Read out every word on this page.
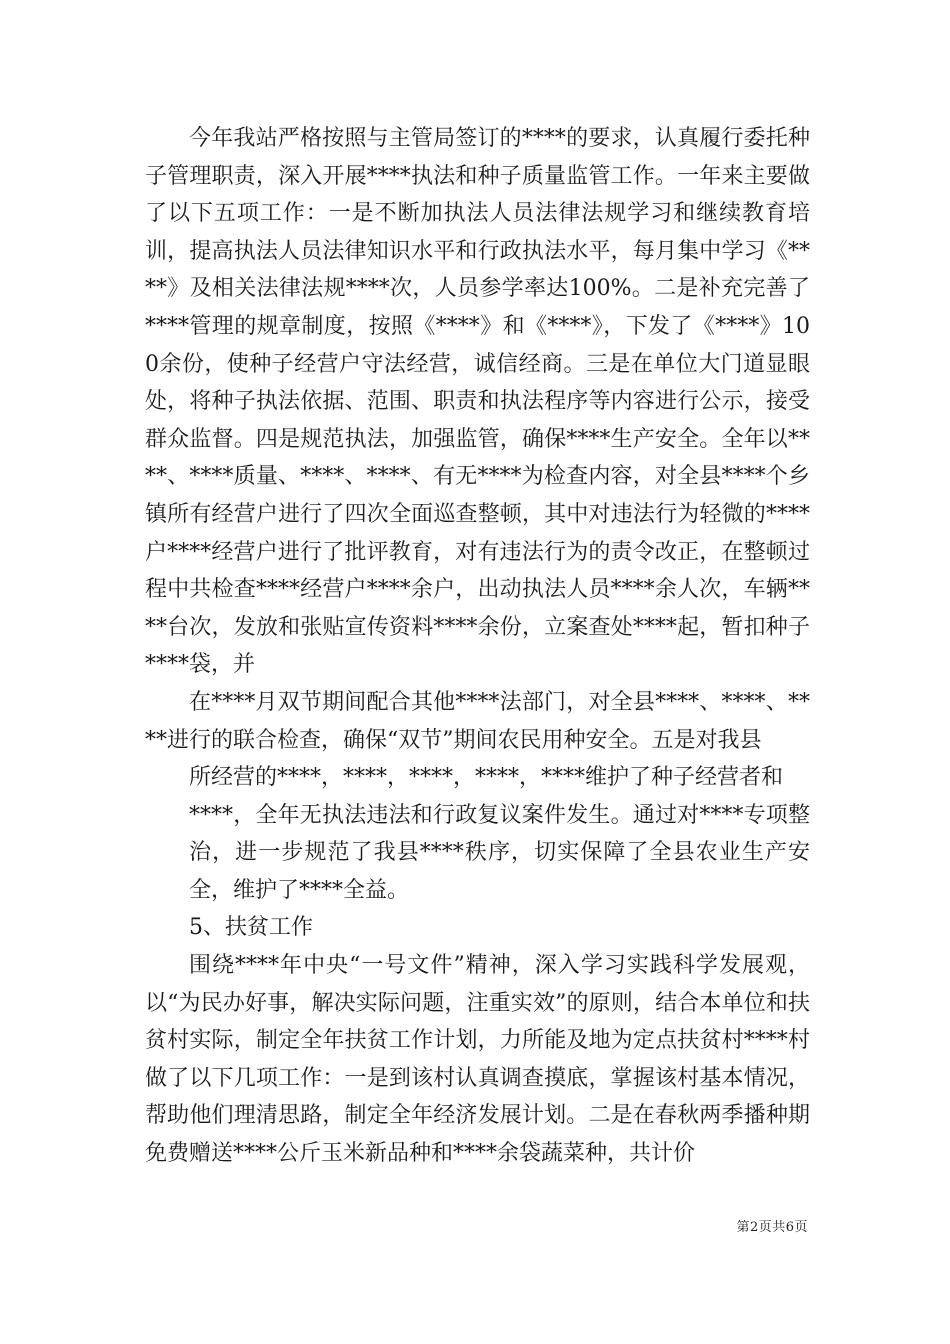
今年我站严格按照与主管局签订的****的要求，认真履行委托种子管理职责，深入开展****执法和种子质量监管工作。一年来主要做了以下五项工作：一是不断加执法人员法律法规学习和继续教育培训，提高执法人员法律知识水平和行政执法水平，每月集中学习《****》及相关法律法规****次，人员参学率达100%。二是补充完善了****管理的规章制度，按照《****》和《****》，下发了《****》100余份，使种子经营户守法经营，诚信经商。三是在单位大门道显眼处，将种子执法依据、范围、职责和执法程序等内容进行公示，接受群众监督。四是规范执法，加强监管，确保****生产安全。全年以****、****质量、****、****、有无****为检查内容，对全县****个乡镇所有经营户进行了四次全面巡查整顿，其中对违法行为轻微的****户****经营户进行了批评教育，对有违法行为的责令改正，在整顿过程中共检查****经营户****余户，出动执法人员****余人次，车辆****台次，发放和张贴宣传资料****余份，立案查处****起，暂扣种子****袋，并

在****月双节期间配合其他****法部门，对全县****、****、****进行的联合检查，确保“双节”期间农民用种安全。五是对我县

所经营的****，****，****，****，****维护了种子经营者和

****，全年无执法违法和行政复议案件发生。通过对****专项整治，进一步规范了我县****秩序，切实保障了全县农业生产安全，维护了****全益。

5、扶贫工作

围绕****年中央“一号文件”精神，深入学习实践科学发展观，以“为民办好事，解决实际问题，注重实效”的原则，结合本单位和扶贫村实际，制定全年扶贫工作计划，力所能及地为定点扶贫村****村做了以下几项工作：一是到该村认真调查摸底，掌握该村基本情况，帮助他们理清思路，制定全年经济发展计划。二是在春秋两季播种期免费赠送****公斤玉米新品种和****余袋蔬菜种，共计价

第2页共6页
